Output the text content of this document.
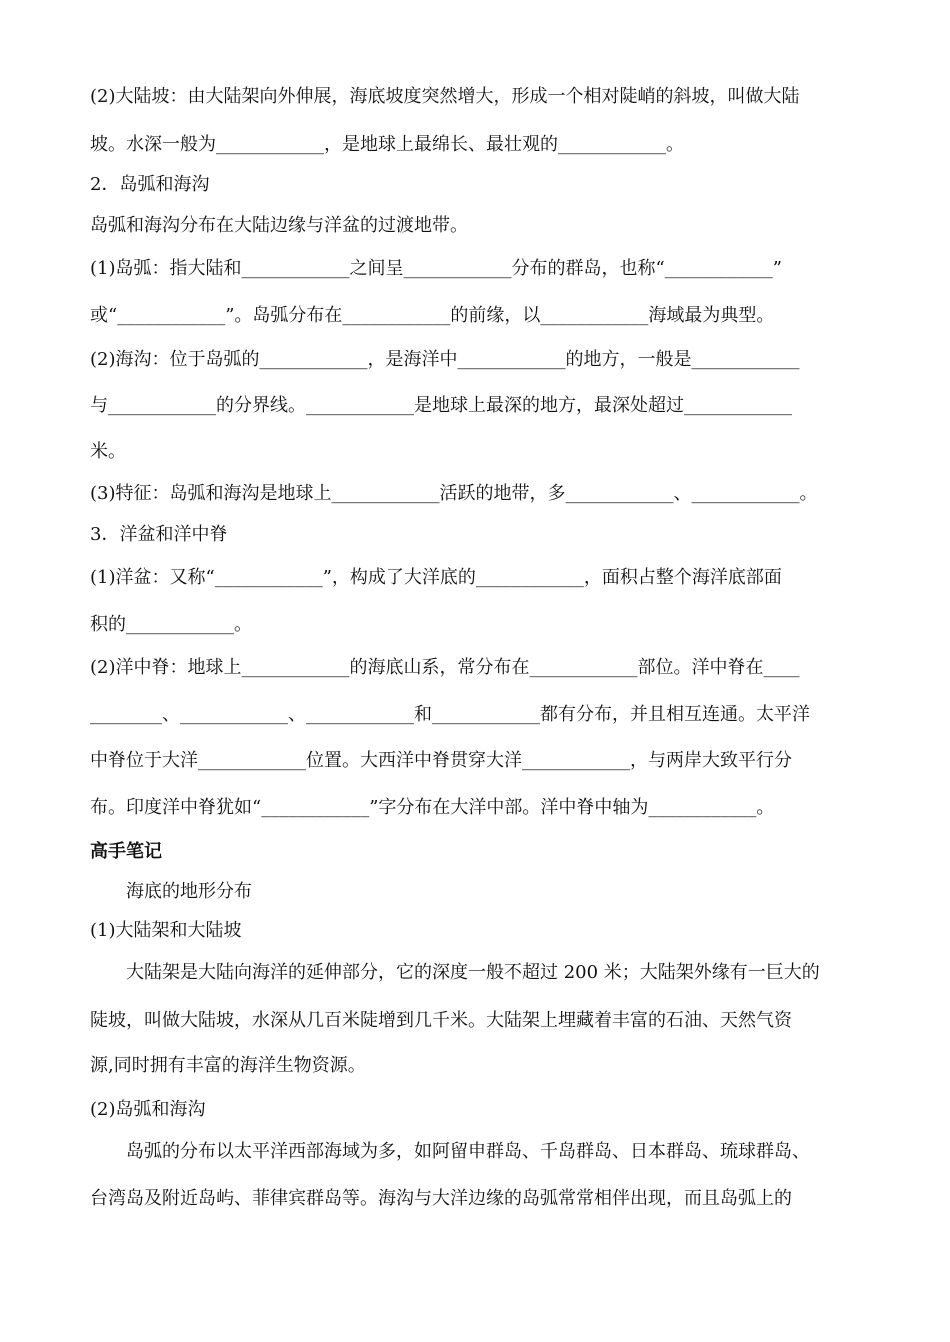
(2)大陆坡：由大陆架向外伸展，海底坡度突然增大，形成一个相对陡峭的斜坡，叫做大陆
坡。水深一般为____________，是地球上最绵长、最壮观的____________。
2．岛弧和海沟
岛弧和海沟分布在大陆边缘与洋盆的过渡地带。
(1)岛弧：指大陆和____________之间呈____________分布的群岛，也称“____________”
或“____________”。岛弧分布在____________的前缘，以____________海域最为典型。
(2)海沟：位于岛弧的____________，是海洋中____________的地方，一般是____________
与____________的分界线。____________是地球上最深的地方，最深处超过____________
米。
(3)特征：岛弧和海沟是地球上____________活跃的地带，多____________、____________。
3．洋盆和洋中脊
(1)洋盆：又称“____________”，构成了大洋底的____________，面积占整个海洋底部面
积的____________。
(2)洋中脊：地球上____________的海底山系，常分布在____________部位。洋中脊在____
________、____________、____________和____________都有分布，并且相互连通。太平洋
中脊位于大洋____________位置。大西洋中脊贯穿大洋____________，与两岸大致平行分
布。印度洋中脊犹如“____________”字分布在大洋中部。洋中脊中轴为____________。
高手笔记
　　海底的地形分布
(1)大陆架和大陆坡
　　大陆架是大陆向海洋的延伸部分，它的深度一般不超过 200 米；大陆架外缘有一巨大的
陡坡，叫做大陆坡，水深从几百米陡增到几千米。大陆架上埋藏着丰富的石油、天然气资
源,同时拥有丰富的海洋生物资源。
(2)岛弧和海沟
　　岛弧的分布以太平洋西部海域为多，如阿留申群岛、千岛群岛、日本群岛、琉球群岛、
台湾岛及附近岛屿、菲律宾群岛等。海沟与大洋边缘的岛弧常常相伴出现，而且岛弧上的
